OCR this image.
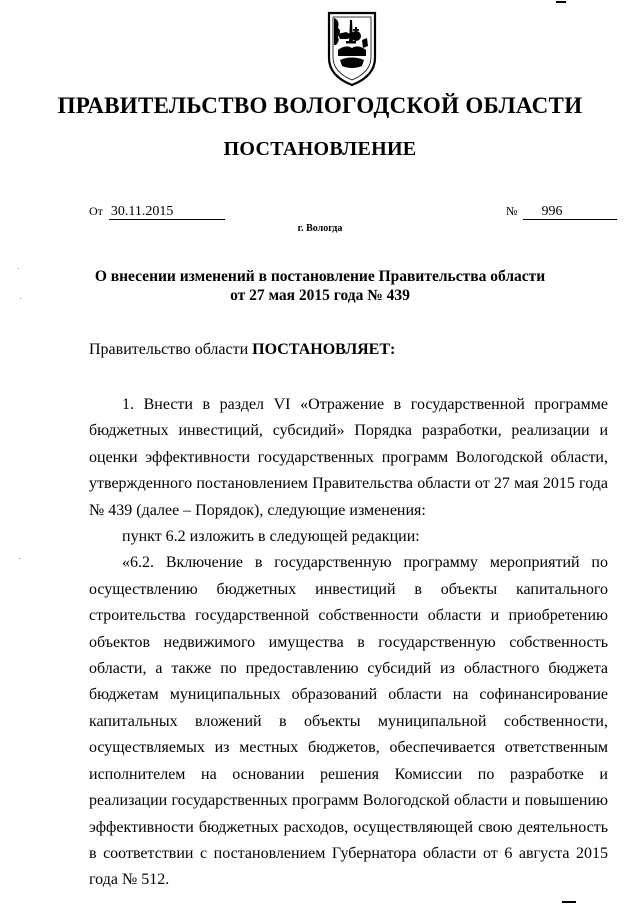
ПРАВИТЕЛЬСТВО ВОЛОГОДСКОЙ ОБЛАСТИ
ПОСТАНОВЛЕНИЕ
От 30.11.2015	№ 996
г. Вологда
О внесении изменений в постановление Правительства области
от 27 мая 2015 года № 439
Правительство области ПОСТАНОВЛЯЕТ:

1. Внести в раздел VI «Отражение в государственной программе бюджетных инвестиций, субсидий» Порядка разработки, реализации и оценки эффективности государственных программ Вологодской области, утвержденного постановлением Правительства области от 27 мая 2015 года № 439 (далее – Порядок), следующие изменения:

пункт 6.2 изложить в следующей редакции:

«6.2. Включение в государственную программу мероприятий по осуществлению бюджетных инвестиций в объекты капитального строительства государственной собственности области и приобретению объектов недвижимого имущества в государственную собственность области, а также по предоставлению субсидий из областного бюджета бюджетам муниципальных образований области на софинансирование капитальных вложений в объекты муниципальной собственности, осуществляемых из местных бюджетов, обеспечивается ответственным исполнителем на основании решения Комиссии по разработке и реализации государственных программ Вологодской области и повышению эффективности бюджетных расходов, осуществляющей свою деятельность в соответствии с постановлением Губернатора области от 6 августа 2015 года № 512.
